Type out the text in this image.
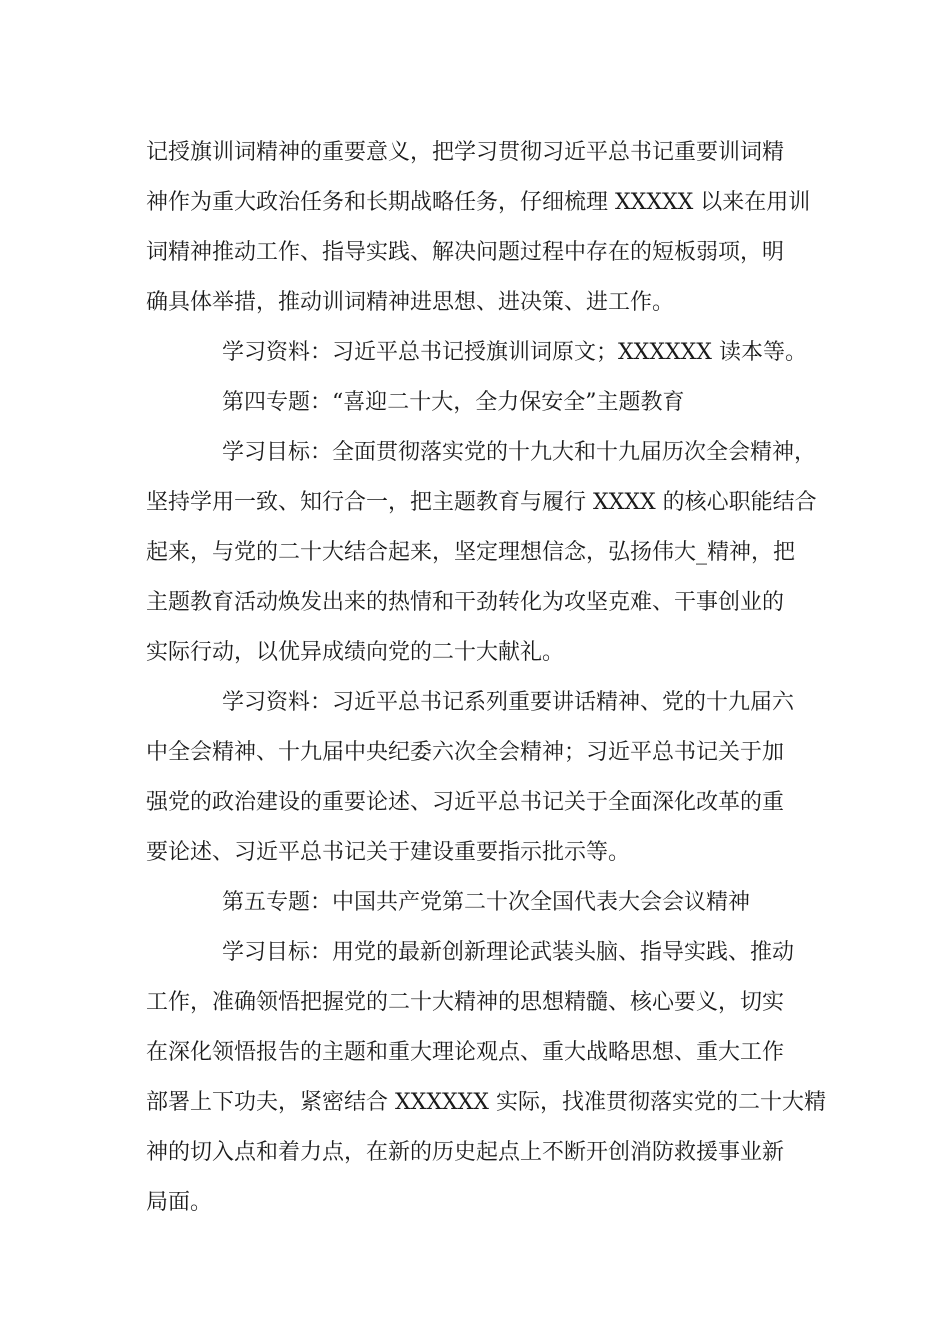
记授旗训词精神的重要意义，把学习贯彻习近平总书记重要训词精
神作为重大政治任务和长期战略任务，仔细梳理 XXXXX 以来在用训
词精神推动工作、指导实践、解决问题过程中存在的短板弱项，明
确具体举措，推动训词精神进思想、进决策、进工作。
学习资料：习近平总书记授旗训词原文；XXXXXX 读本等。
第四专题：“喜迎二十大，全力保安全”主题教育
学习目标：全面贯彻落实党的十九大和十九届历次全会精神，
坚持学用一致、知行合一，把主题教育与履行 XXXX 的核心职能结合
起来，与党的二十大结合起来，坚定理想信念，弘扬伟大_精神，把
主题教育活动焕发出来的热情和干劲转化为攻坚克难、干事创业的
实际行动，以优异成绩向党的二十大献礼。
学习资料：习近平总书记系列重要讲话精神、党的十九届六
中全会精神、十九届中央纪委六次全会精神；习近平总书记关于加
强党的政治建设的重要论述、习近平总书记关于全面深化改革的重
要论述、习近平总书记关于建设重要指示批示等。
第五专题：中国共产党第二十次全国代表大会会议精神
学习目标：用党的最新创新理论武装头脑、指导实践、推动
工作，准确领悟把握党的二十大精神的思想精髓、核心要义，切实
在深化领悟报告的主题和重大理论观点、重大战略思想、重大工作
部署上下功夫，紧密结合 XXXXXX 实际，找准贯彻落实党的二十大精
神的切入点和着力点，在新的历史起点上不断开创消防救援事业新
局面。
